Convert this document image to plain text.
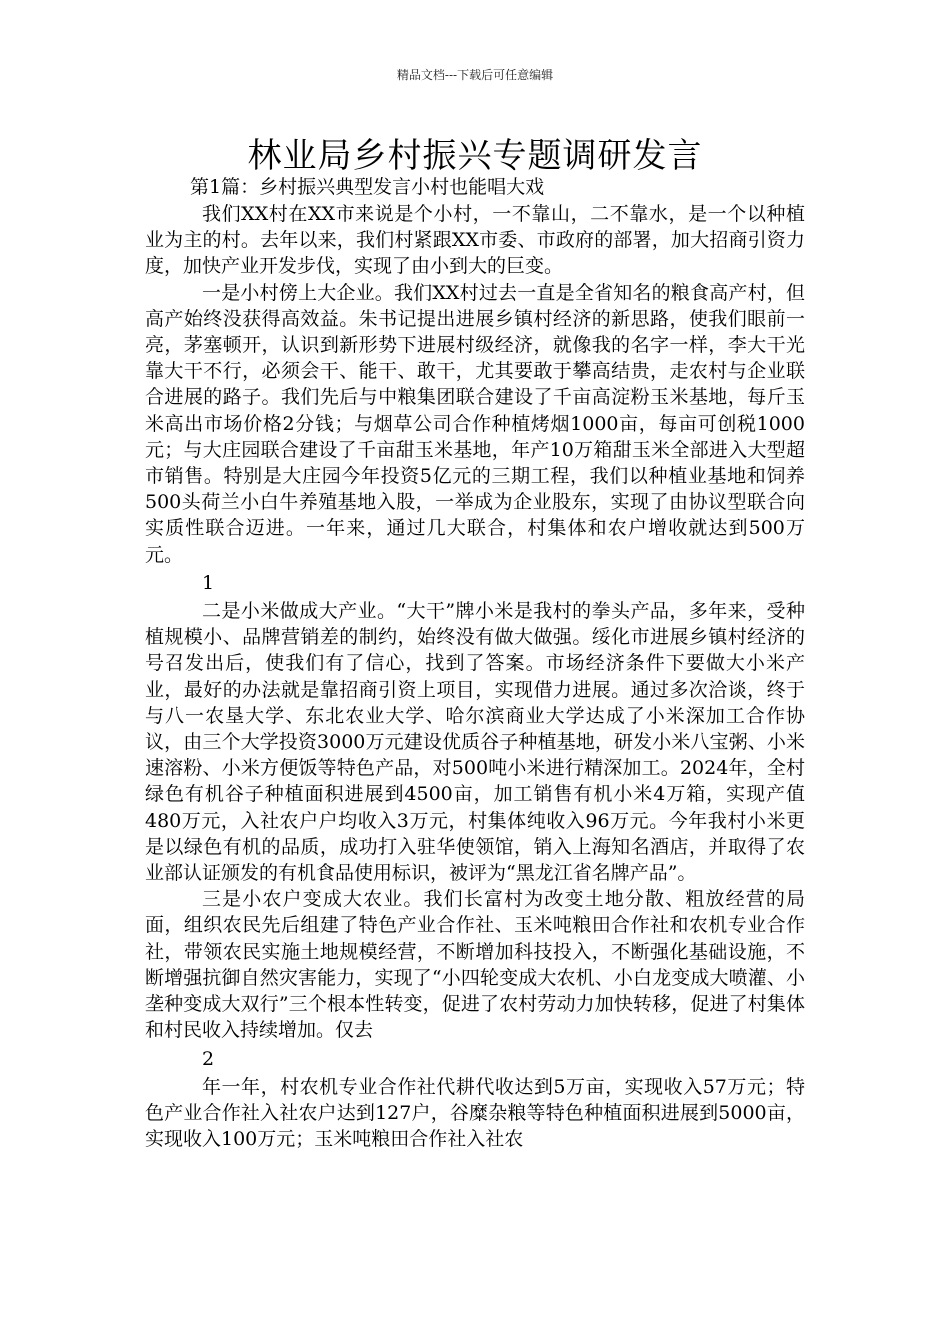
精品文档---下载后可任意编辑
林业局乡村振兴专题调研发言
第1篇：乡村振兴典型发言小村也能唱大戏

我们XX村在XX市来说是个小村，一不靠山，二不靠水，是一个以种植业为主的村。去年以来，我们村紧跟XX市委、市政府的部署，加大招商引资力度，加快产业开发步伐，实现了由小到大的巨变。

一是小村傍上大企业。我们XX村过去一直是全省知名的粮食高产村，但高产始终没获得高效益。朱书记提出进展乡镇村经济的新思路，使我们眼前一亮，茅塞顿开，认识到新形势下进展村级经济，就像我的名字一样，李大干光靠大干不行，必须会干、能干、敢干，尤其要敢于攀高结贵，走农村与企业联合进展的路子。我们先后与中粮集团联合建设了千亩高淀粉玉米基地，每斤玉米高出市场价格2分钱；与烟草公司合作种植烤烟1000亩，每亩可创税1000元；与大庄园联合建设了千亩甜玉米基地，年产10万箱甜玉米全部进入大型超市销售。特别是大庄园今年投资5亿元的三期工程，我们以种植业基地和饲养500头荷兰小白牛养殖基地入股，一举成为企业股东，实现了由协议型联合向实质性联合迈进。一年来，通过几大联合，村集体和农户增收就达到500万元。

1

二是小米做成大产业。“大干”牌小米是我村的拳头产品，多年来，受种植规模小、品牌营销差的制约，始终没有做大做强。绥化市进展乡镇村经济的号召发出后，使我们有了信心，找到了答案。市场经济条件下要做大小米产业，最好的办法就是靠招商引资上项目，实现借力进展。通过多次洽谈，终于与八一农垦大学、东北农业大学、哈尔滨商业大学达成了小米深加工合作协议，由三个大学投资3000万元建设优质谷子种植基地，研发小米八宝粥、小米速溶粉、小米方便饭等特色产品，对500吨小米进行精深加工。2024年，全村绿色有机谷子种植面积进展到4500亩，加工销售有机小米4万箱，实现产值480万元，入社农户户均收入3万元，村集体纯收入96万元。今年我村小米更是以绿色有机的品质，成功打入驻华使领馆，销入上海知名酒店，并取得了农业部认证颁发的有机食品使用标识，被评为“黑龙江省名牌产品”。

三是小农户变成大农业。我们长富村为改变土地分散、粗放经营的局面，组织农民先后组建了特色产业合作社、玉米吨粮田合作社和农机专业合作社，带领农民实施土地规模经营，不断增加科技投入，不断强化基础设施，不断增强抗御自然灾害能力，实现了“小四轮变成大农机、小白龙变成大喷灌、小垄种变成大双行”三个根本性转变，促进了农村劳动力加快转移，促进了村集体和村民收入持续增加。仅去

2

年一年，村农机专业合作社代耕代收达到5万亩，实现收入57万元；特色产业合作社入社农户达到127户，谷糜杂粮等特色种植面积进展到5000亩，实现收入100万元；玉米吨粮田合作社入社农
